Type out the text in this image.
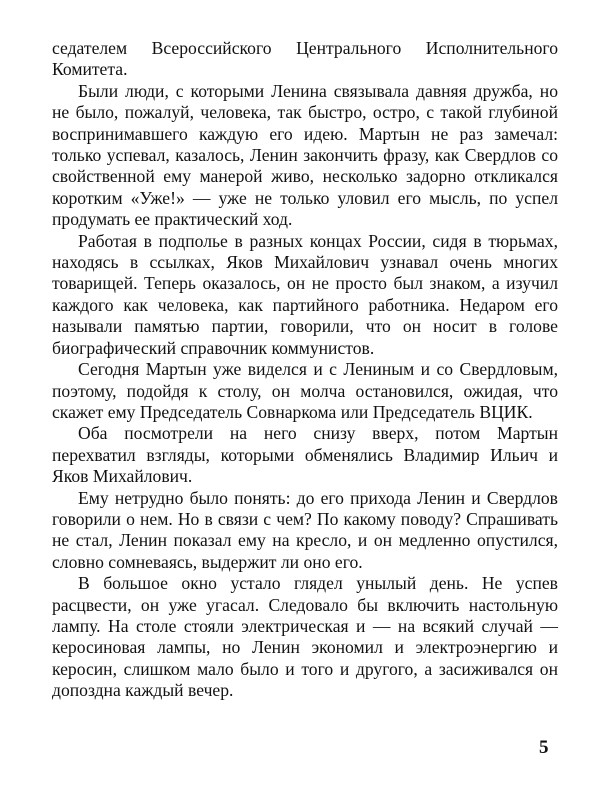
седателем Всероссийского Центрального Исполнительного Комитета.

Были люди, с которыми Ленина связывала давняя дружба, но не было, пожалуй, человека, так быстро, остро, с такой глубиной воспринимавшего каждую его идею. Мартын не раз замечал: только успевал, казалось, Ленин закончить фразу, как Свердлов со свойственной ему манерой живо, несколько задорно откликался коротким «Уже!» — уже не только уловил его мысль, по успел продумать ее практический ход.

Работая в подполье в разных концах России, сидя в тюрьмах, находясь в ссылках, Яков Михайлович узнавал очень многих товарищей. Теперь оказалось, он не просто был знаком, а изучил каждого как человека, как партийного работника. Недаром его называли памятью партии, говорили, что он носит в голове биографический справочник коммунистов.

Сегодня Мартын уже виделся и с Лениным и со Свердловым, поэтому, подойдя к столу, он молча остановился, ожидая, что скажет ему Председатель Совнаркома или Председатель ВЦИК.

Оба посмотрели на него снизу вверх, потом Мартын перехватил взгляды, которыми обменялись Владимир Ильич и Яков Михайлович.

Ему нетрудно было понять: до его прихода Ленин и Свердлов говорили о нем. Но в связи с чем? По какому поводу? Спрашивать не стал, Ленин показал ему на кресло, и он медленно опустился, словно сомневаясь, выдержит ли оно его.

В большое окно устало глядел унылый день. Не успев расцвести, он уже угасал. Следовало бы включить настольную лампу. На столе стояли электрическая и — на всякий случай — керосиновая лампы, но Ленин экономил и электроэнергию и керосин, слишком мало было и того и другого, а засиживался он допоздна каждый вечер.

5
